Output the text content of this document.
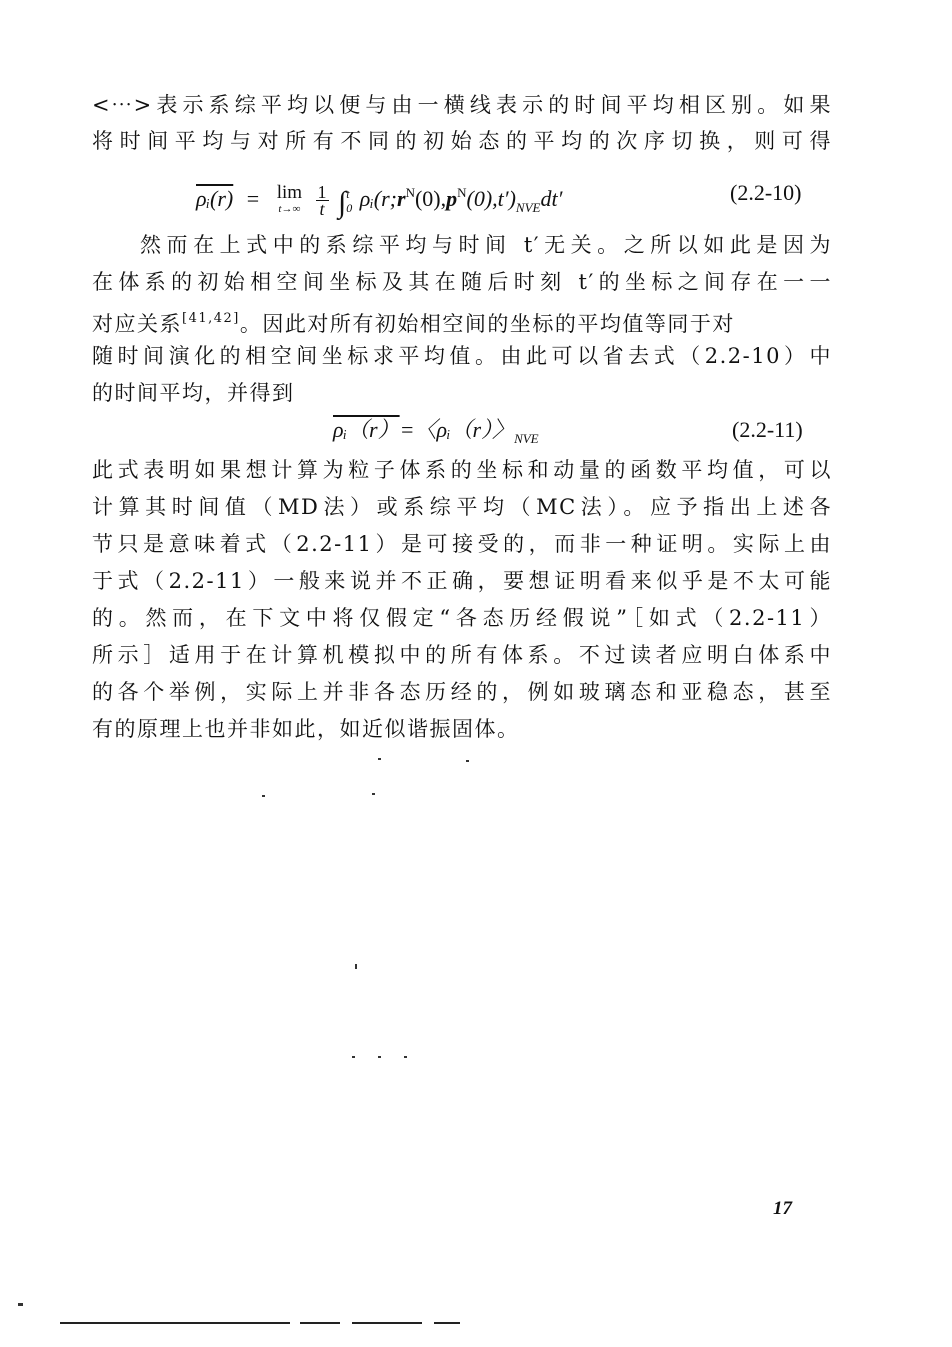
<⋯>表示系综平均以便与由一横线表示的时间平均相区别。如果
将时间平均与对所有不同的初始态的平均的次序切换，则可得
ρᵢ(r) = lim
t→∞
$\frac{1}{t}$ ∫ t
0 $\rho ᵢ(r;r^N(0),p^N(0),t')_{NVE}dt'$	(2.2-10)
然而在上式中的系综平均与时间 t′无关。之所以如此是因为
在体系的初始相空间坐标及其在随后时刻 t′的坐标之间存在一一
对应关系[41,42]。因此对所有初始相空间的坐标的平均值等同于对
随时间演化的相空间坐标求平均值。由此可以省去式（2.2-10）中
的时间平均，并得到
ρᵢ（r）=〈ρᵢ（r）〉$_{NVE}$	(2.2-11)
此式表明如果想计算为粒子体系的坐标和动量的函数平均值，可以
计算其时间值（MD法）或系综平均（MC法）。应予指出上述各
节只是意味着式（2.2-11）是可接受的，而非一种证明。实际上由
于式（2.2-11）一般来说并不正确，要想证明看来似乎是不太可能
的。然而，在下文中将仅假定“各态历经假说”［如式（2.2-11）
所示］适用于在计算机模拟中的所有体系。不过读者应明白体系中
的各个举例，实际上并非各态历经的，例如玻璃态和亚稳态，甚至
有的原理上也并非如此，如近似谐振固体。
17
